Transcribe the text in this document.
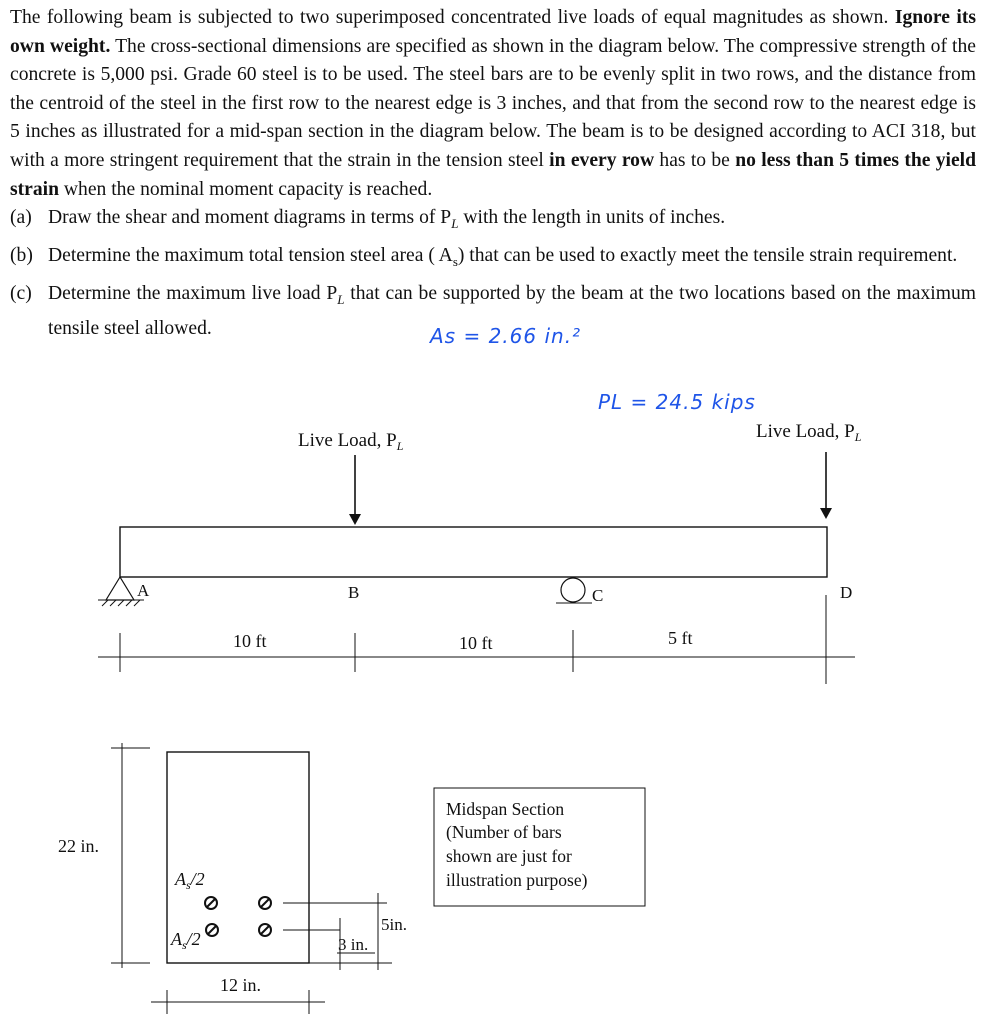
The following beam is subjected to two superimposed concentrated live loads of equal magnitudes as shown. Ignore its own weight. The cross-sectional dimensions are specified as shown in the diagram below. The compressive strength of the concrete is 5,000 psi. Grade 60 steel is to be used. The steel bars are to be evenly split in two rows, and the distance from the centroid of the steel in the first row to the nearest edge is 3 inches, and that from the second row to the nearest edge is 5 inches as illustrated for a mid-span section in the diagram below. The beam is to be designed according to ACI 318, but with a more stringent requirement that the strain in the tension steel in every row has to be no less than 5 times the yield strain when the nominal moment capacity is reached.

(a) Draw the shear and moment diagrams in terms of $P_L$ with the length in units of inches.
(b) Determine the maximum total tension steel area ( $A_s$) that can be used to exactly meet the tensile strain requirement.
(c) Determine the maximum live load $P_L$ that can be supported by the beam at the two locations based on the maximum tensile steel allowed.	As = 2.66 in.²
PL = 24.5 kips
Live Load, $P_L$
Live Load, $P_L$
A	B	C	D
10 ft	10 ft	5 ft
22 in.
12 in.
$A_s/2$
$A_s/2$
5in.
3 in.
Midspan Section
(Number of bars
shown are just for
illustration purpose)
